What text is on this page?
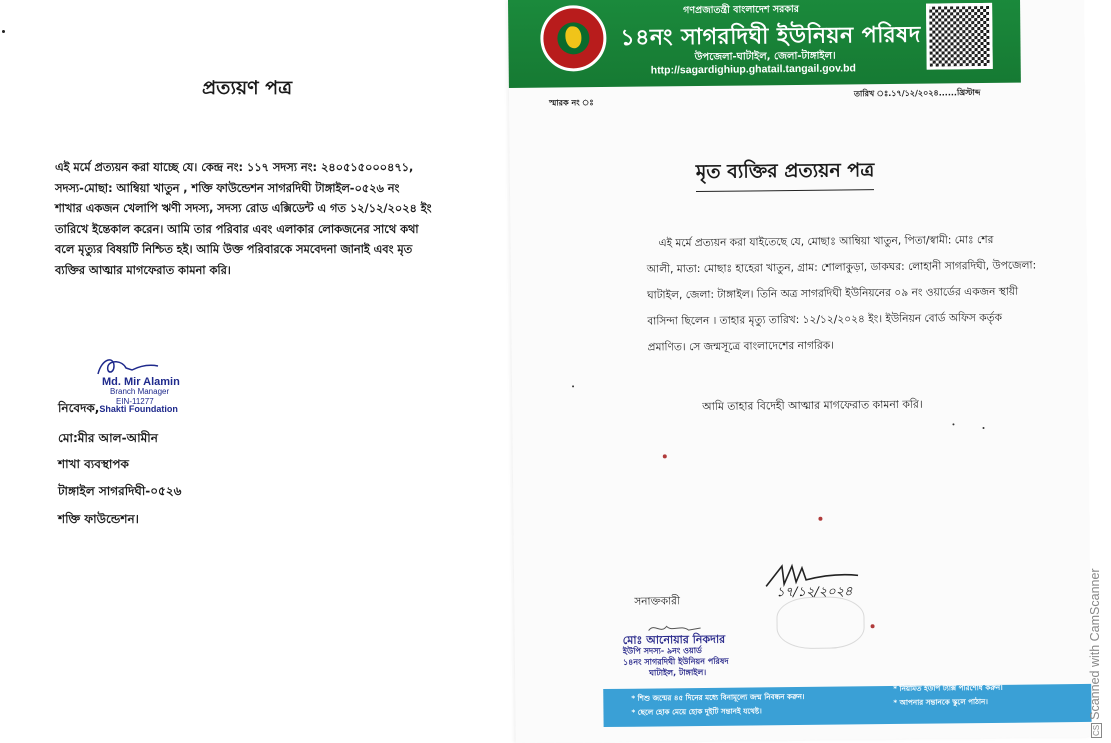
প্রত্যয়ণ পত্র
এই মর্মে প্রত্যয়ন করা যাচ্ছে যে। কেন্দ্র নং: ১১৭ সদস্য নং: ২৪০৫১৫০০০৪৭১,
সদস্য-মোছা: আম্বিয়া খাতুন , শক্তি ফাউন্ডেশন সাগরদিঘী টাঙ্গাইল-০৫২৬ নং
শাখার একজন খেলাপি ঋণী সদস্য, সদস্য রোড এক্সিডেন্ট এ গত ১২/১২/২০২৪ ইং
তারিখে ইন্তেকাল করেন। আমি তার পরিবার এবং এলাকার লোকজনের সাথে কথা
বলে মৃত্যুর বিষয়টি নিশ্চিত হই। আমি উক্ত পরিবারকে সমবেদনা জানাই এবং মৃত
ব্যক্তির আত্মার মাগফেরাত কামনা করি।
Md. Mir Alamin
Branch Manager
EIN-11277
নিবেদক,Shakti Foundation
মো:মীর আল-আমীন
শাখা ব্যবস্থাপক
টাঙ্গাইল সাগরদিঘী-০৫২৬
শক্তি ফাউন্ডেশন।
গণপ্রজাতন্ত্রী বাংলাদেশ সরকার
১৪নং সাগরদিঘী ইউনিয়ন পরিষদ
উপজেলা-ঘাটাইল, জেলা-টাঙ্গাইল।
http://sagardighiup.ghatail.tangail.gov.bd
স্মারক নং ঃ
তারিখ ঃ.১৭/১২/২০২৪......খ্রিস্টাব্দ
মৃত ব্যক্তির প্রত্যয়ন পত্র
এই মর্মে প্রত্যয়ন করা যাইতেছে যে, মোছাঃ আম্বিয়া খাতুন, পিতা/স্বামী: মোঃ শের
আলী, মাতা: মোছাঃ হাহেরা খাতুন, গ্রাম: শোলাকুড়া, ডাকঘর: লোহানী সাগরদিঘী, উপজেলা:
ঘাটাইল, জেলা: টাঙ্গাইল। তিনি অত্র সাগরদিঘী ইউনিয়নের ০৯ নং ওয়ার্ডের একজন স্থায়ী
বাসিন্দা ছিলেন । তাহার মৃত্যু তারিখ: ১২/১২/২০২৪ ইং। ইউনিয়ন বোর্ড অফিস কর্তৃক
প্রমাণিত। সে জন্মসূত্রে বাংলাদেশের নাগরিক।
আমি তাহার বিদেহী আত্মার মাগফেরাত কামনা করি।
১৭/১২/২০২৪
সনাক্তকারী
মোঃ আনোয়ার নিকদার
ইউপি সদস্য- ৯নং ওয়ার্ড
১৪নং সাগরদিঘী ইউনিয়ন পরিষদ
ঘাটাইল, টাঙ্গাইল।
* শিশু জন্মের ৪৫ দিনের মধ্যে বিনামূল্যে জন্ম নিবন্ধন করুন।
* ছেলে হোক মেয়ে হোক দুইটি সন্তানই যথেষ্ট।
* নিয়মিত ইউপি ট্যাক্স পরিশোধ করুন।
* আপনার সন্তানকে স্কুলে পাঠান।
CSScanned with CamScanner
